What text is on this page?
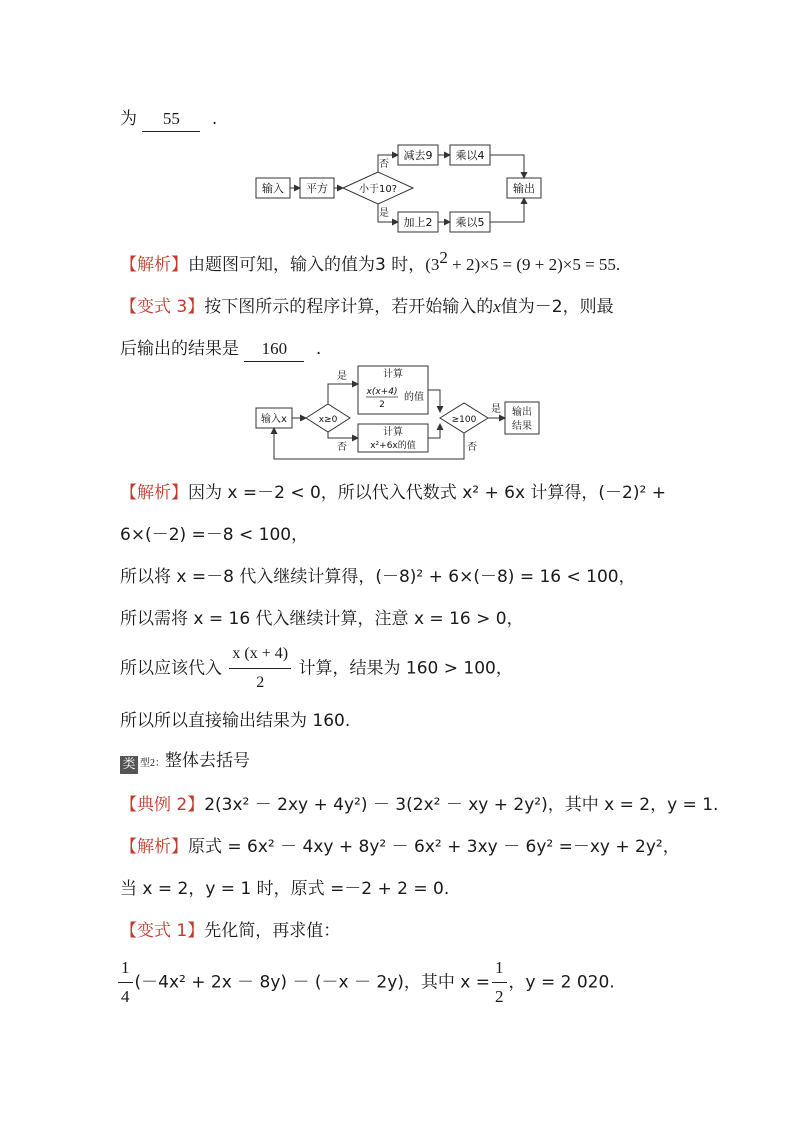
为 55 .
输入 平方	小于10?
否
是
减去9 乘以4
加上2 乘以5
输出
【解析】由题图可知，输入的值为3 时，$(3^2 + 2)\times 5 = (9 + 2)\times 5 = 55$.
【变式 3】按下图所示的程序计算，若开始输入的x值为－2，则最
后输出的结果是 160 .
输入x	x≥0
是
否
计算
x(x+4)
2
的值
计算
x²+6x的值
≥100
是
否
输出
结果
【解析】因为 x =－2 < 0，所以代入代数式 x² + 6x 计算得，(－2)² +
6×(－2) =－8 < 100，
所以将 x =－8 代入继续计算得，(－8)² + 6×(－8) = 16 < 100，
所以需将 x = 16 代入继续计算，注意 x = 16 > 0，
所以应该代入 $\frac{x (x + 4)}{2}$ 计算，结果为 160 > 100，
所以所以直接输出结果为 160.
类 型2：整体去括号
【典例 2】2(3x² － 2xy + 4y²) － 3(2x² － xy + 2y²)，其中 x = 2，y = 1.
【解析】原式 = 6x² － 4xy + 8y² － 6x² + 3xy － 6y² =－xy + 2y²，
当 x = 2，y = 1 时，原式 =－2 + 2 = 0.
【变式 1】先化简，再求值：
$\frac{1}{4} (-4x^2 + 2x - 8y) - (-x - 2y)$，其中 $x = \frac{1}{2}$ ，y = 2 020.
